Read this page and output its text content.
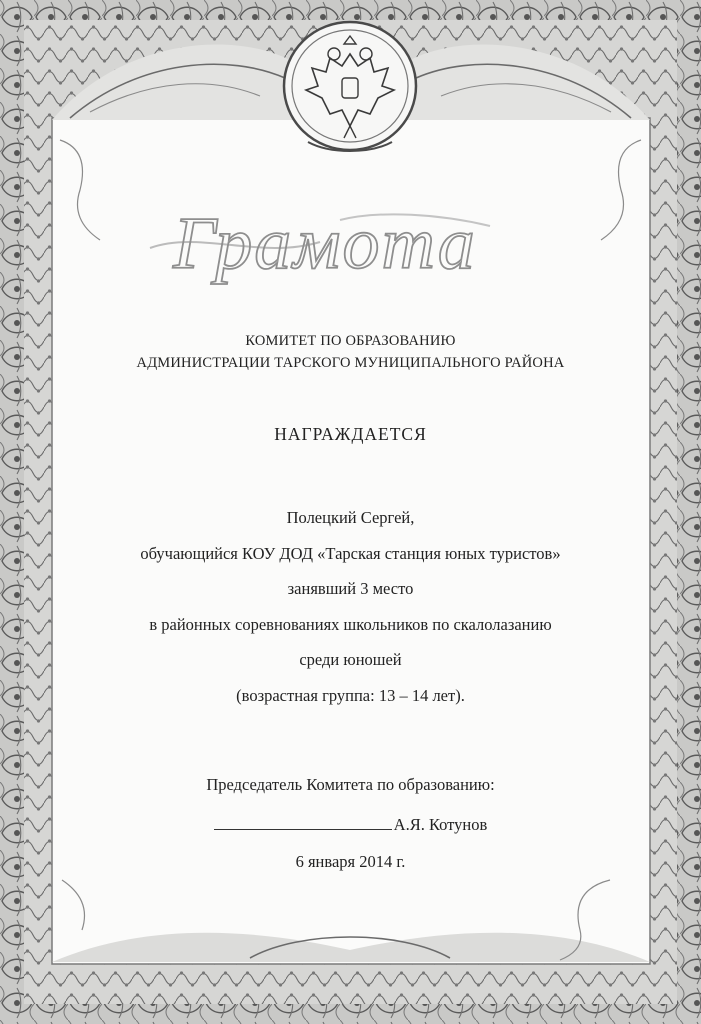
Грамота
КОМИТЕТ ПО ОБРАЗОВАНИЮ
АДМИНИСТРАЦИИ ТАРСКОГО МУНИЦИПАЛЬНОГО РАЙОНА
НАГРАЖДАЕТСЯ
Полецкий Сергей,
обучающийся КОУ ДОД «Тарская станция юных туристов»
занявший 3 место
в районных соревнованиях школьников по скалолазанию
среди юношей
(возрастная группа: 13 – 14 лет).
Председатель Комитета по образованию:
А.Я. Котунов
6 января 2014 г.
